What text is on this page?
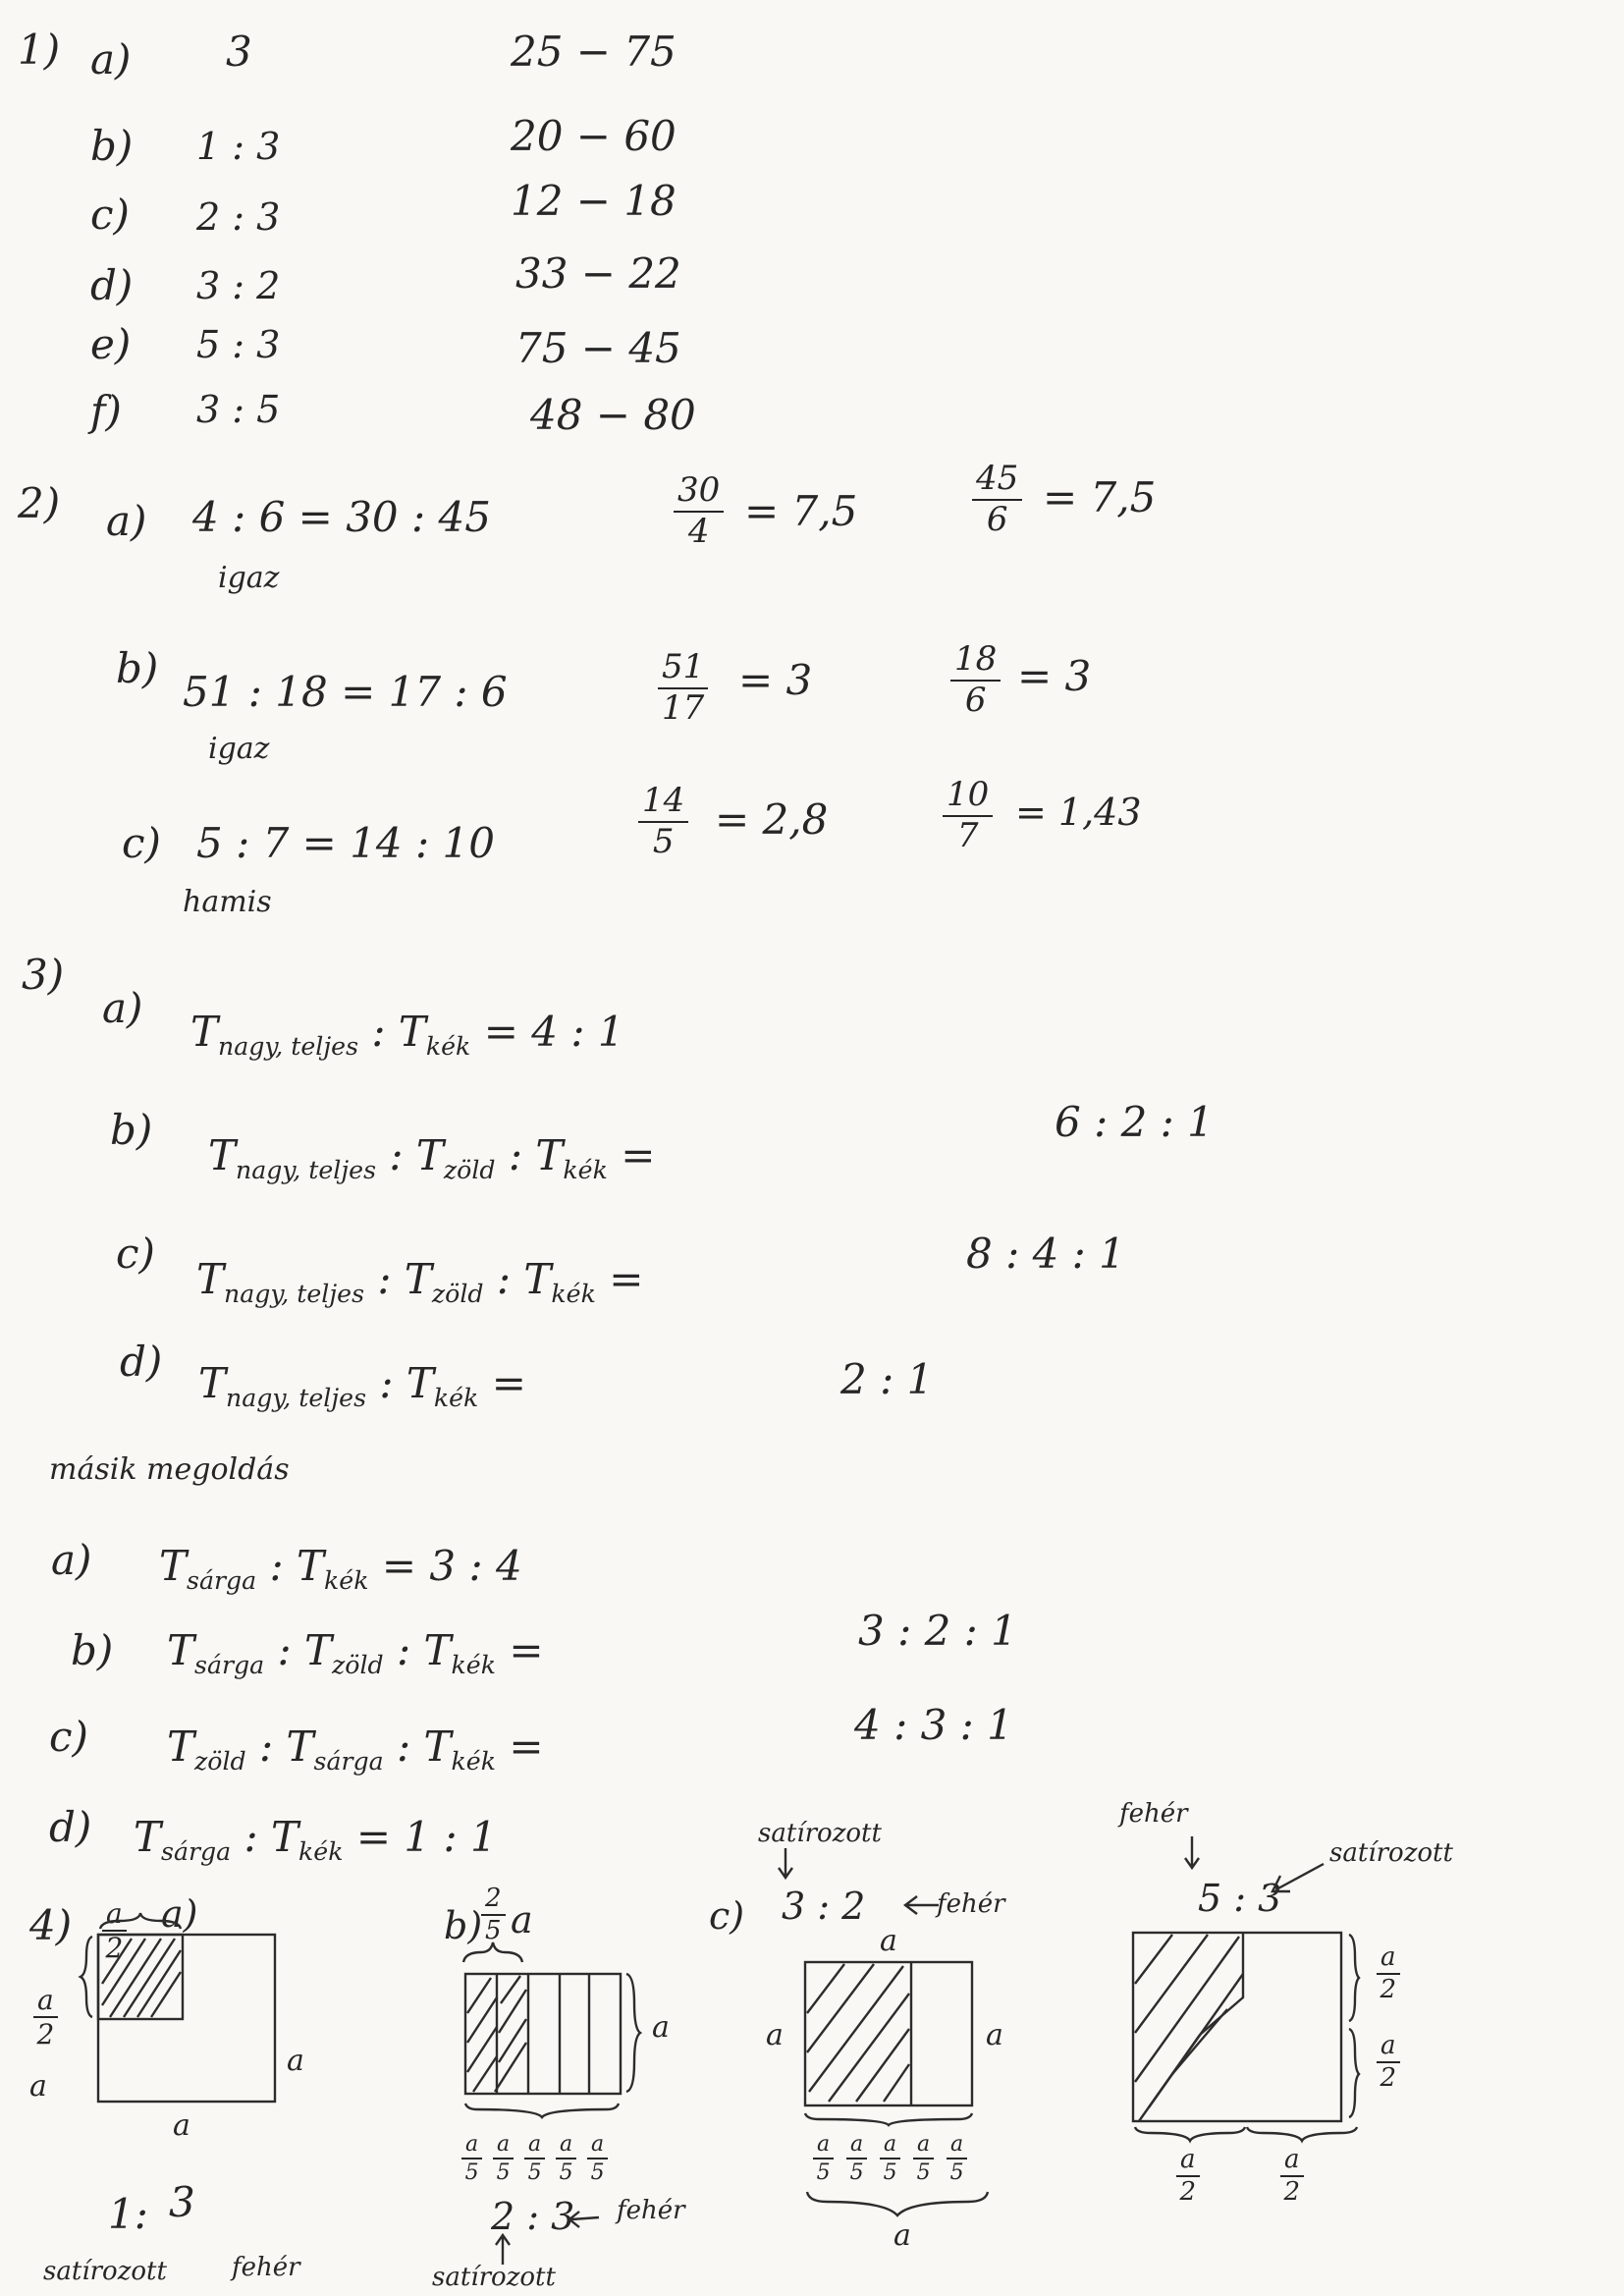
1) a) 3	25 − 75
b) 1 : 3	20 − 60
c) 2 : 3	12 − 18
d) 3 : 2	33 − 22
e) 5 : 3	75 − 45
f) 3 : 5	48 − 80
2) a) 4 : 6 = 30 : 45
igaz
$\frac{30}{4} = 7,5$	$\frac{45}{6} = 7,5$
b) 51 : 18 = 17 : 6
igaz
$\frac{51}{17} = 3$	$\frac{18}{6} = 3$
c) 5 : 7 = 14 : 10
hamis
$\frac{14}{5} = 2,8$	$\frac{10}{7} = 1,43$
3)
a) $T_{nagy, teljes}$ : $T_{kék} = 4$ : 1
b)
$T_{nagy, teljes}$ : $T_{zöld}$ : $T_{kék}$ =
6 : 2 : 1
c)
$T_{nagy, teljes}$ : $T_{zöld}$ : $T_{kék}$ =
8 : 4 : 1
d) $T_{nagy, teljes}$ : $T_{kék}$ =	2 : 1
másik megoldás
a) $T_{sárga}$ : $T_{kék} = 3$ : 4
b) $T_{sárga}$ : $T_{zöld}$ : $T_{kék}$ =	3 : 2 : 1
c) $T_{zöld}$ : $T_{sárga}$ : $T_{kék}$ =	4 : 3 : 1
d) $T_{sárga}$ : $T_{kék} = 1$ : 1
4) a)
$\frac{a}{2}$
$\frac{a}{2}$
a
a
a
1: 3
satírozott	fehér
b)
$\frac{2}{5}$ a
a
$\frac{a}{5} \frac{a}{5} \frac{a}{5} \frac{a}{5} \frac{a}{5}$
2 : 3
satírozott
fehér
c)
satírozott
3 : 2	fehér
a
a	a
$\frac{a}{5} \frac{a}{5} \frac{a}{5} \frac{a}{5} \frac{a}{5}$
a
fehér
5 : 3
satírozott
$\frac{a}{2}$
$\frac{a}{2}$
$\frac{a}{2}$	$\frac{a}{2}$
